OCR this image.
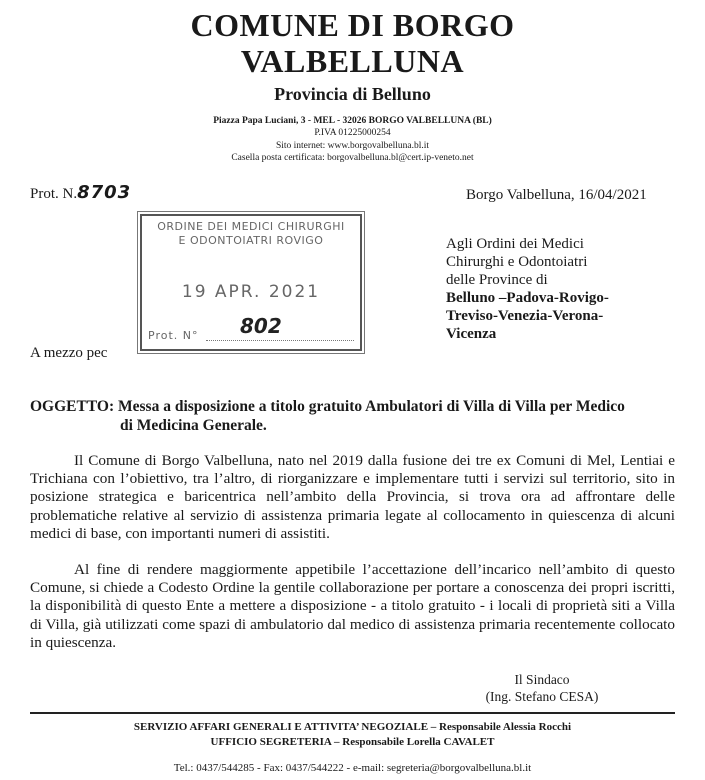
COMUNE DI BORGO
VALBELLUNA
Provincia di Belluno
Piazza Papa Luciani, 3 - MEL - 32026 BORGO VALBELLUNA (BL)
P.IVA 01225000254
Sito internet: www.borgovalbelluna.bl.it
Casella posta certificata: borgovalbelluna.bl@cert.ip-veneto.net
Prot. N.8703	Borgo Valbelluna, 16/04/2021
ORDINE DEI MEDICI CHIRURGHI
E ODONTOIATRI ROVIGO
19 APR. 2021
Prot. N° 802
Agli Ordini dei Medici
Chirurghi e Odontoiatri
delle Province di
Belluno –Padova-Rovigo-
Treviso-Venezia-Verona-
Vicenza
A mezzo pec
OGGETTO: Messa a disposizione a titolo gratuito Ambulatori di Villa di Villa per Medico
di Medicina Generale.
Il Comune di Borgo Valbelluna, nato nel 2019 dalla fusione dei tre ex Comuni di Mel, Lentiai e Trichiana con l’obiettivo, tra l’altro, di riorganizzare e implementare tutti i servizi sul territorio, sito in posizione strategica e baricentrica nell’ambito della Provincia, si trova ora ad affrontare delle problematiche relative al servizio di assistenza primaria legate al collocamento in quiescenza di alcuni medici di base, con importanti numeri di assistiti.
Al fine di rendere maggiormente appetibile l’accettazione dell’incarico nell’ambito di questo Comune, si chiede a Codesto Ordine la gentile collaborazione per portare a conoscenza dei propri iscritti, la disponibilità di questo Ente a mettere a disposizione - a titolo gratuito - i locali di proprietà siti a Villa di Villa, già utilizzati come spazi di ambulatorio dal medico di assistenza primaria recentemente collocato in quiescenza.
Il Sindaco
(Ing. Stefano CESA)
SERVIZIO AFFARI GENERALI E ATTIVITA’ NEGOZIALE – Responsabile Alessia Rocchi
UFFICIO SEGRETERIA – Responsabile Lorella CAVALET
Tel.: 0437/544285 - Fax: 0437/544222 - e-mail: segreteria@borgovalbelluna.bl.it
